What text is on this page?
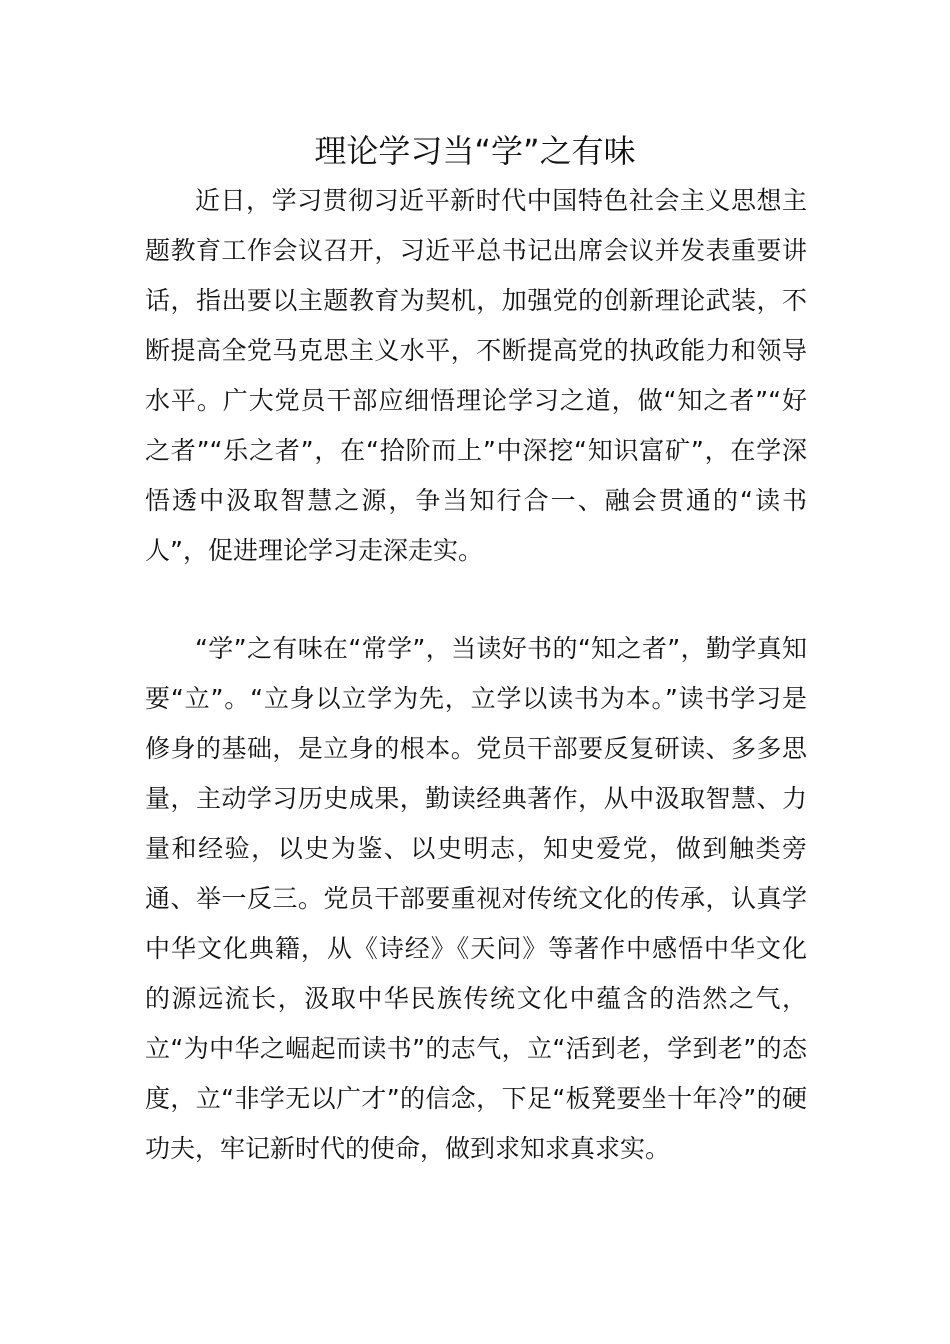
理论学习当“学”之有味

近日，学习贯彻习近平新时代中国特色社会主义思想主题教育工作会议召开，习近平总书记出席会议并发表重要讲话，指出要以主题教育为契机，加强党的创新理论武装，不断提高全党马克思主义水平，不断提高党的执政能力和领导水平。广大党员干部应细悟理论学习之道，做“知之者”“好之者”“乐之者”，在“拾阶而上”中深挖“知识富矿”，在学深悟透中汲取智慧之源，争当知行合一、融会贯通的“读书人”，促进理论学习走深走实。

“学”之有味在“常学”，当读好书的“知之者”，勤学真知要“立”。“立身以立学为先，立学以读书为本。”读书学习是修身的基础，是立身的根本。党员干部要反复研读、多多思量，主动学习历史成果，勤读经典著作，从中汲取智慧、力量和经验，以史为鉴、以史明志，知史爱党，做到触类旁通、举一反三。党员干部要重视对传统文化的传承，认真学中华文化典籍，从《诗经》《天问》等著作中感悟中华文化的源远流长，汲取中华民族传统文化中蕴含的浩然之气，立“为中华之崛起而读书”的志气，立“活到老，学到老”的态度，立“非学无以广才”的信念，下足“板凳要坐十年冷”的硬功夫，牢记新时代的使命，做到求知求真求实。
